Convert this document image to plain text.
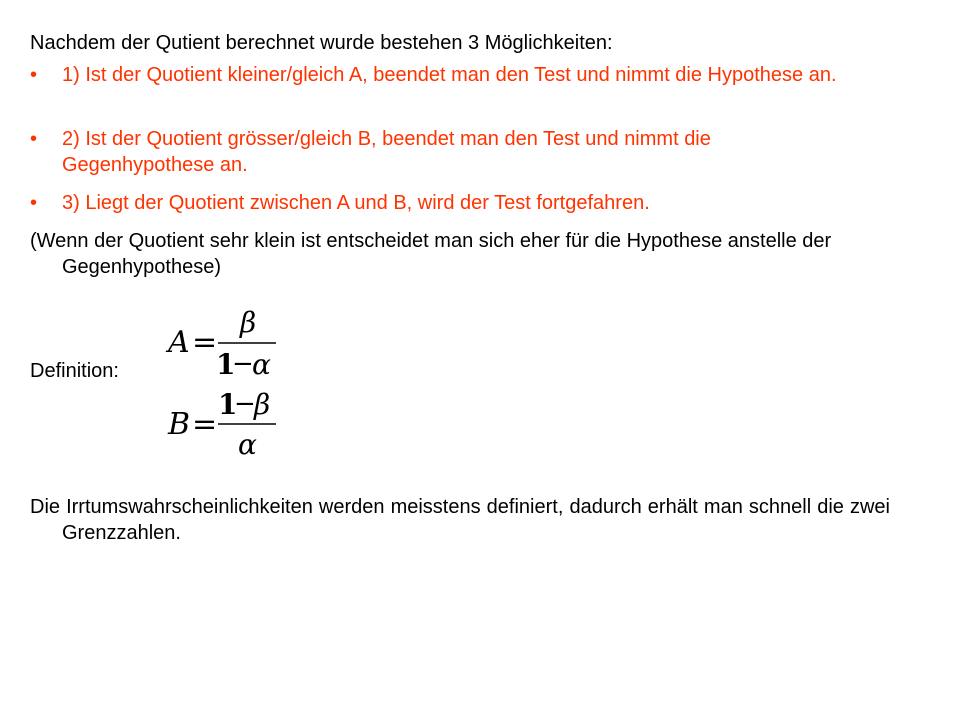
Nachdem der Qutient berechnet wurde bestehen 3 Möglichkeiten:

•	1) Ist der Quotient kleiner/gleich A, beendet man den Test und nimmt die Hypothese an.
•	2) Ist der Quotient grösser/gleich B, beendet man den Test und nimmt die Gegenhypothese an.
•	3) Liegt der Quotient zwischen A und B, wird der Test fortgefahren.

(Wenn der Quotient sehr klein ist entscheidet man sich eher für die Hypothese anstelle der Gegenhypothese)

Definition:

A =
β
1
−
α
B =
1
−
β
α

Die Irrtumswahrscheinlichkeiten werden meisstens definiert, dadurch erhält man schnell die zwei Grenzzahlen.
